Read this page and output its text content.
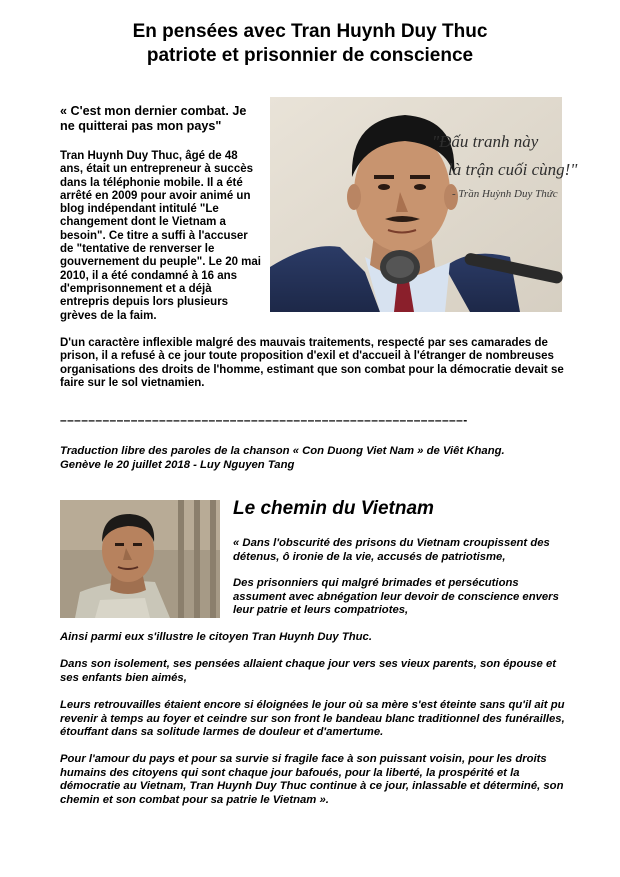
En pensées avec Tran Huynh Duy Thuc
patriote et prisonnier de conscience
« C'est mon dernier combat. Je ne quitterai pas mon pays"
Tran Huynh Duy Thuc, âgé de 48 ans, était un entrepreneur à succès dans la téléphonie mobile. Il a été arrêté en 2009 pour avoir animé un blog indépendant intitulé "Le changement dont le Vietnam a besoin". Ce titre a suffi à l'accuser de "tentative de renverser le gouvernement du peuple". Le 20 mai 2010, il a été condamné à 16 ans d'emprisonnement et a déjà entrepris depuis lors plusieurs grèves de la faim.
"Đấu tranh này
là trận cuối cùng!"
- Trần Huỳnh Duy Thức
D'un caractère inflexible malgré des mauvais traitements, respecté par ses camarades de prison, il a refusé à ce jour toute proposition d'exil et d'accueil à l'étranger de nombreuses organisations des droits de l'homme, estimant que son combat pour la démocratie devait se faire sur le sol vietnamien.
–––––––––––––––––––––––––––––––––––––––––––––––––––––––––-
Traduction libre des paroles de la chanson « Con Duong Viet Nam » de Viêt Khang.
Genève le 20 juillet 2018 - Luy Nguyen Tang
Le chemin du Vietnam
« Dans l'obscurité des prisons du Vietnam croupissent des détenus, ô ironie de la vie, accusés de patriotisme,
Des prisonniers qui malgré brimades et persécutions assument avec abnégation leur devoir de conscience envers leur patrie et leurs compatriotes,
Ainsi parmi eux s'illustre le citoyen Tran Huynh Duy Thuc.
Dans son isolement, ses pensées allaient chaque jour vers ses vieux parents, son épouse et ses enfants bien aimés,
Leurs retrouvailles étaient encore si éloignées le jour où sa mère s'est éteinte sans qu'il ait pu revenir à temps au foyer et ceindre sur son front le bandeau blanc traditionnel des funérailles, étouffant dans sa solitude larmes de douleur et d'amertume.
Pour l'amour du pays et pour sa survie si fragile face à son puissant voisin, pour les droits humains des citoyens qui sont chaque jour bafoués, pour la liberté, la prospérité et la démocratie au Vietnam, Tran Huynh Duy Thuc continue à ce jour, inlassable et déterminé, son chemin et son combat pour sa patrie le Vietnam ».
